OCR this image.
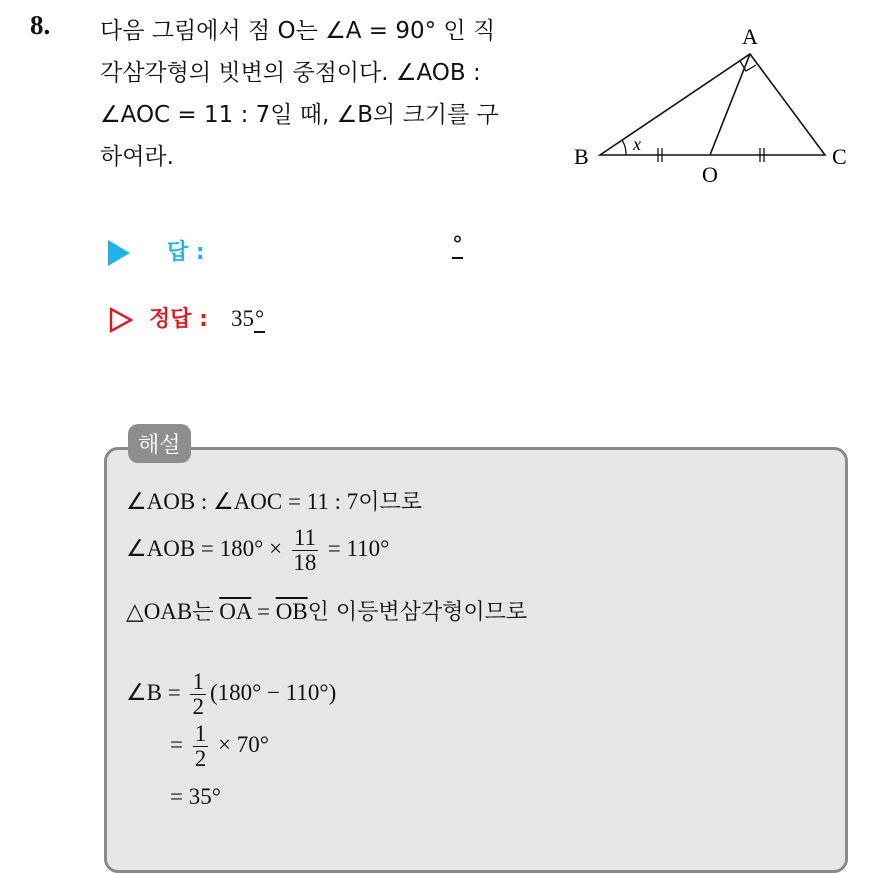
8. 다음 그림에서 점 O는 ∠A = 90° 인 직
각삼각형의 빗변의 중점이다. ∠AOB :
∠AOC = 11 : 7일 때, ∠B의 크기를 구
하여라.
A
B	C
O
x
답 :	°
정답 : 35°
해설
∠AOB : ∠AOC = 11 : 7이므로
∠AOB = $180^\circ \times \frac{11}{18} = 110^\circ$
△OAB는 $\overline{OA} = \overline{OB}$인 이등변삼각형이므로
∠B = $\frac{1}{2} (180^\circ - 110^\circ)$
= $\frac{1}{2} \times 70^\circ$
= 35°
